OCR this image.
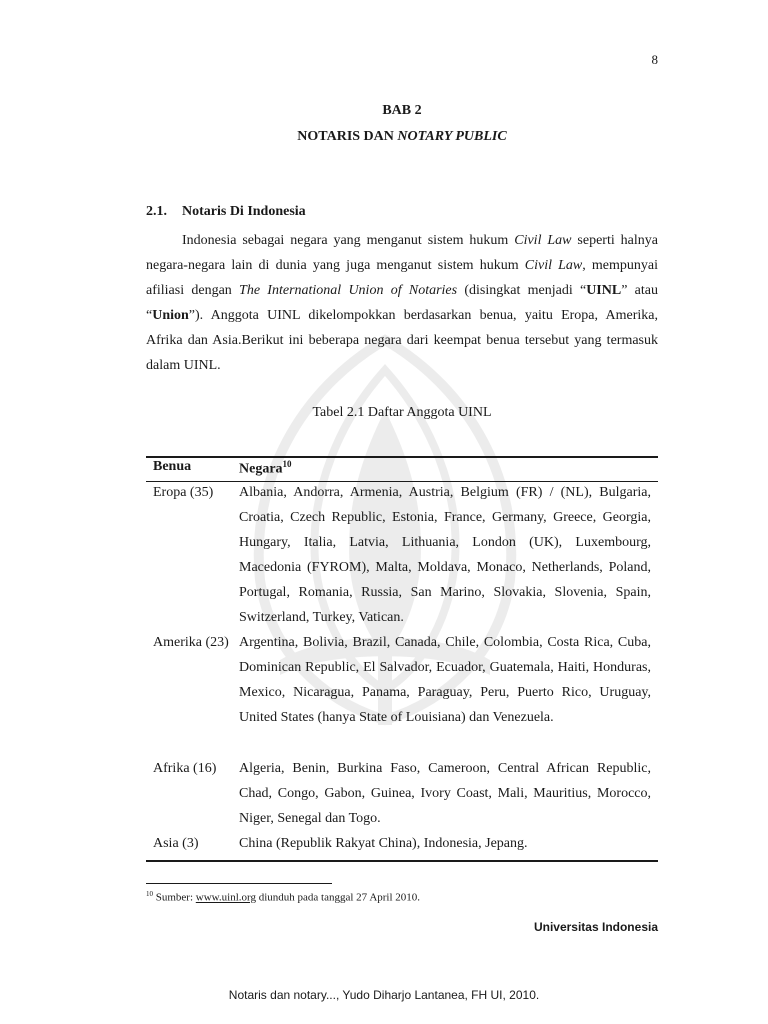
8
BAB 2
NOTARIS DAN NOTARY PUBLIC
2.1. Notaris Di Indonesia

Indonesia sebagai negara yang menganut sistem hukum Civil Law seperti halnya negara-negara lain di dunia yang juga menganut sistem hukum Civil Law, mempunyai afiliasi dengan The International Union of Notaries (disingkat menjadi “UINL” atau “Union”). Anggota UINL dikelompokkan berdasarkan benua, yaitu Eropa, Amerika, Afrika dan Asia.Berikut ini beberapa negara dari keempat benua tersebut yang termasuk dalam UINL.

Tabel 2.1 Daftar Anggota UINL
Benua	Negara$^{10}$
Eropa (35)	Albania, Andorra, Armenia, Austria, Belgium (FR) / (NL), Bulgaria, Croatia, Czech Republic, Estonia, France, Germany, Greece, Georgia, Hungary, Italia, Latvia, Lithuania, London (UK), Luxembourg, Macedonia (FYROM), Malta, Moldava, Monaco, Netherlands, Poland, Portugal, Romania, Russia, San Marino, Slovakia, Slovenia, Spain, Switzerland, Turkey, Vatican.
Amerika (23) Argentina, Bolivia, Brazil, Canada, Chile, Colombia, Costa Rica, Cuba, Dominican Republic, El Salvador, Ecuador, Guatemala, Haiti, Honduras, Mexico, Nicaragua, Panama, Paraguay, Peru, Puerto Rico, Uruguay, United States (hanya State of Louisiana) dan Venezuela.
Afrika (16)	Algeria, Benin, Burkina Faso, Cameroon, Central African Republic, Chad, Congo, Gabon, Guinea, Ivory Coast, Mali, Mauritius, Morocco, Niger, Senegal dan Togo.
Asia (3)	China (Republik Rakyat China), Indonesia, Jepang.
$^{10}$ Sumber: www.uinl.org diunduh pada tanggal 27 April 2010.
Universitas Indonesia
Notaris dan notary..., Yudo Diharjo Lantanea, FH UI, 2010.
